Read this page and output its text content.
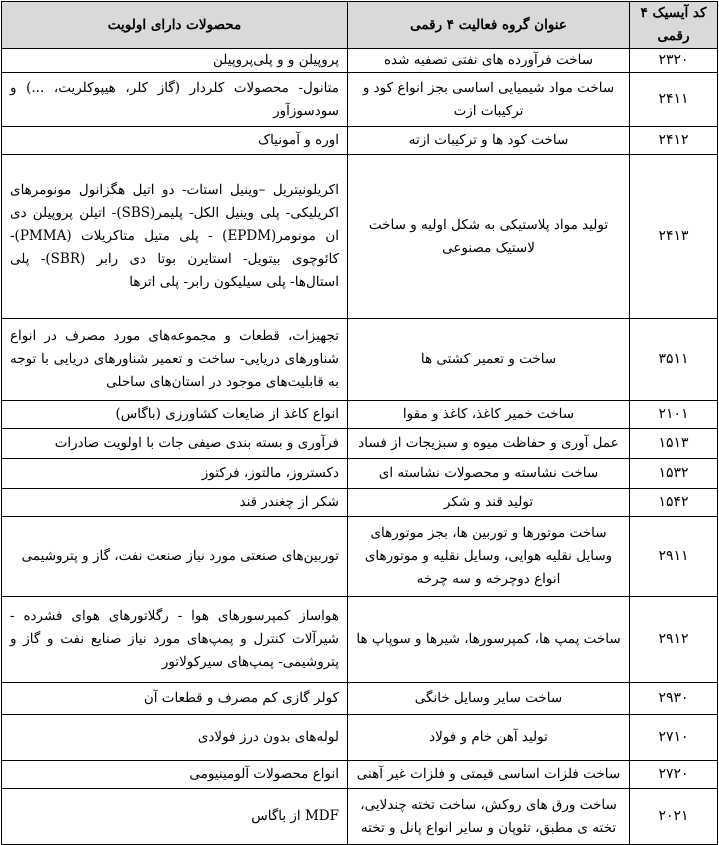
کد آیسیک ۴ رقمی	عنوان گروه فعالیت ۴ رقمی	محصولات دارای اولویت
۲۳۲۰	ساخت فرآورده های نفتی تصفیه شده	پروپیلن و و پلی‌پروپیلن
۲۴۱۱	ساخت مواد شیمیایی اساسی بجز انواع کود و ترکیبات ازت	متانول- محصولات کلردار (گاز کلر، هیپوکلریت، ...) و سودسوزآور
۲۴۱۲	ساخت کود ها و ترکیبات ازته	اوره و آمونیاک
۲۴۱۳	تولید مواد پلاستیکی به شکل اولیه و ساخت لاستیک مصنوعی	اکریلونیتریل –وینیل استات- دو اتیل هگزانول مونومرهای اکریلیکی- پلی وینیل الکل- پلیمر(SBS)- اتیلن پروپیلن دی ان مونومر(EPDM) - پلی متیل متاکریلات (PMMA)- کائوچوی بیتویل- استایرن بوتا دی رابر (SBR)- پلی استال‌ها- پلی سیلیکون رابر- پلی اترها
۳۵۱۱	ساخت و تعمیر کشتی ها	تجهیزات، قطعات و مجموعه‌های مورد مصرف در انواع شناورهای دریایی- ساخت و تعمیر شناورهای دریایی با توجه به قابلیت‌های موجود در استان‌های ساحلی
۲۱۰۱	ساخت خمیر کاغذ، کاغذ و مقوا	انواع کاغذ از ضایعات کشاورزی (باگاس)
۱۵۱۳	عمل آوری و حفاظت میوه و سبزیجات از فساد	فرآوری و بسته بندی صیفی جات با اولویت صادرات
۱۵۳۲	ساخت نشاسته و محصولات نشاسته ای	دکستروز، مالتوز، فرکتوز
۱۵۴۲	تولید قند و شکر	شکر از چغندر قند
۲۹۱۱	ساخت موتورها و توربین ها، بجز موتورهای وسایل نقلیه هوایی، وسایل نقلیه و موتورهای انواع دوچرخه و سه چرخه	توربین‌های صنعتی مورد نیاز صنعت نفت، گاز و پتروشیمی
۲۹۱۲	ساخت پمپ ها، کمپرسورها، شیرها و سوپاپ ها	هواساز کمپرسورهای هوا - رگلاتورهای هوای فشرده - شیرآلات کنترل و پمپ‌های مورد نیاز صنایع نفت و گاز و پتروشیمی- پمپ‌های سیرکولاتور
۲۹۳۰	ساخت سایر وسایل خانگی	کولر گازی کم مصرف و قطعات آن
۲۷۱۰	تولید آهن خام و فولاد	لوله‌های بدون درز فولادی
۲۷۲۰	ساخت فلزات اساسی قیمتی و فلزات غیر آهنی	انواع محصولات آلومینیومی
۲۰۲۱	ساخت ورق های روکش، ساخت تخته چندلایی، تخته ی مطبق، تئوپان و سایر انواع پانل و تخته	MDF از باگاس
